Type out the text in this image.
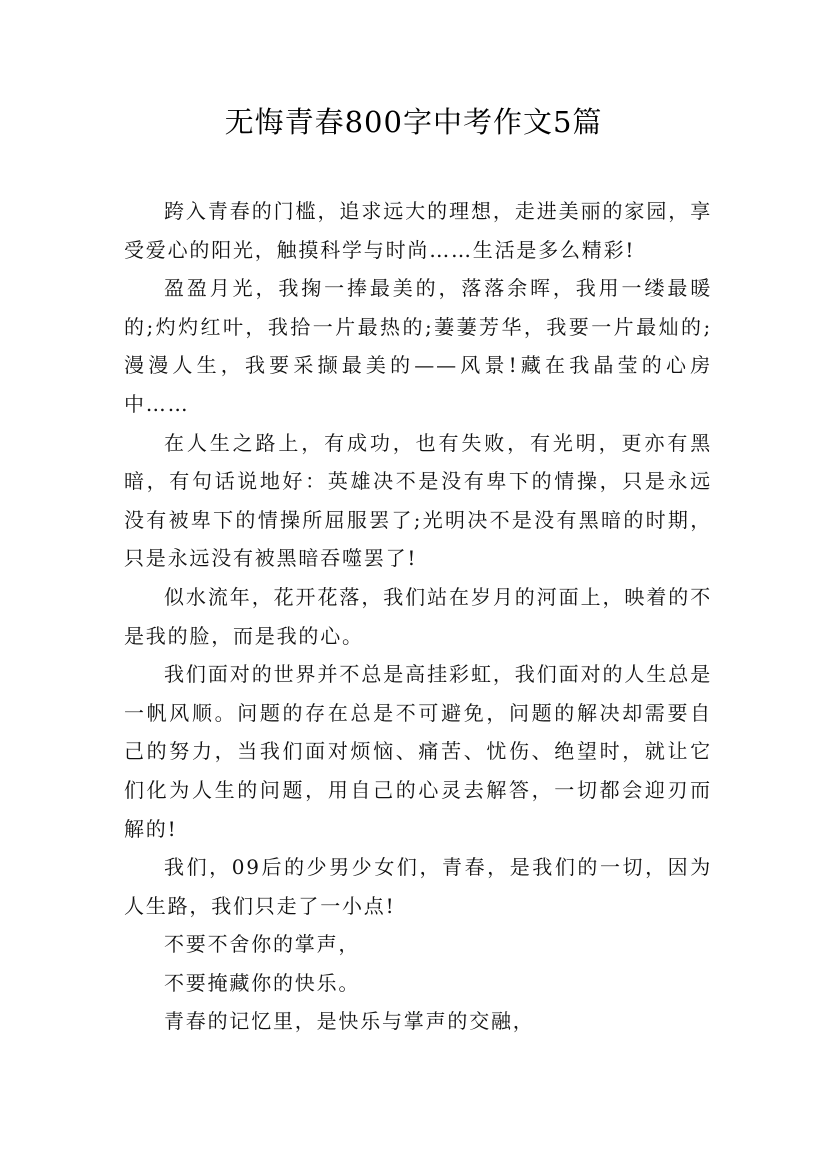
无悔青春800字中考作文5篇

跨入青春的门槛，追求远大的理想，走进美丽的家园，享受爱心的阳光，触摸科学与时尚……生活是多么精彩!

盈盈月光，我掬一捧最美的，落落余晖，我用一缕最暖的;灼灼红叶，我拾一片最热的;萋萋芳华，我要一片最灿的;漫漫人生，我要采撷最美的——风景!藏在我晶莹的心房中……

在人生之路上，有成功，也有失败，有光明，更亦有黑暗，有句话说地好：英雄决不是没有卑下的情操，只是永远没有被卑下的情操所屈服罢了;光明决不是没有黑暗的时期，只是永远没有被黑暗吞噬罢了!

似水流年，花开花落，我们站在岁月的河面上，映着的不是我的脸，而是我的心。

我们面对的世界并不总是高挂彩虹，我们面对的人生总是一帆风顺。问题的存在总是不可避免，问题的解决却需要自己的努力，当我们面对烦恼、痛苦、忧伤、绝望时，就让它们化为人生的问题，用自己的心灵去解答，一切都会迎刃而解的!

我们，09后的少男少女们，青春，是我们的一切，因为人生路，我们只走了一小点!

不要不舍你的掌声，

不要掩藏你的快乐。

青春的记忆里，是快乐与掌声的交融，
